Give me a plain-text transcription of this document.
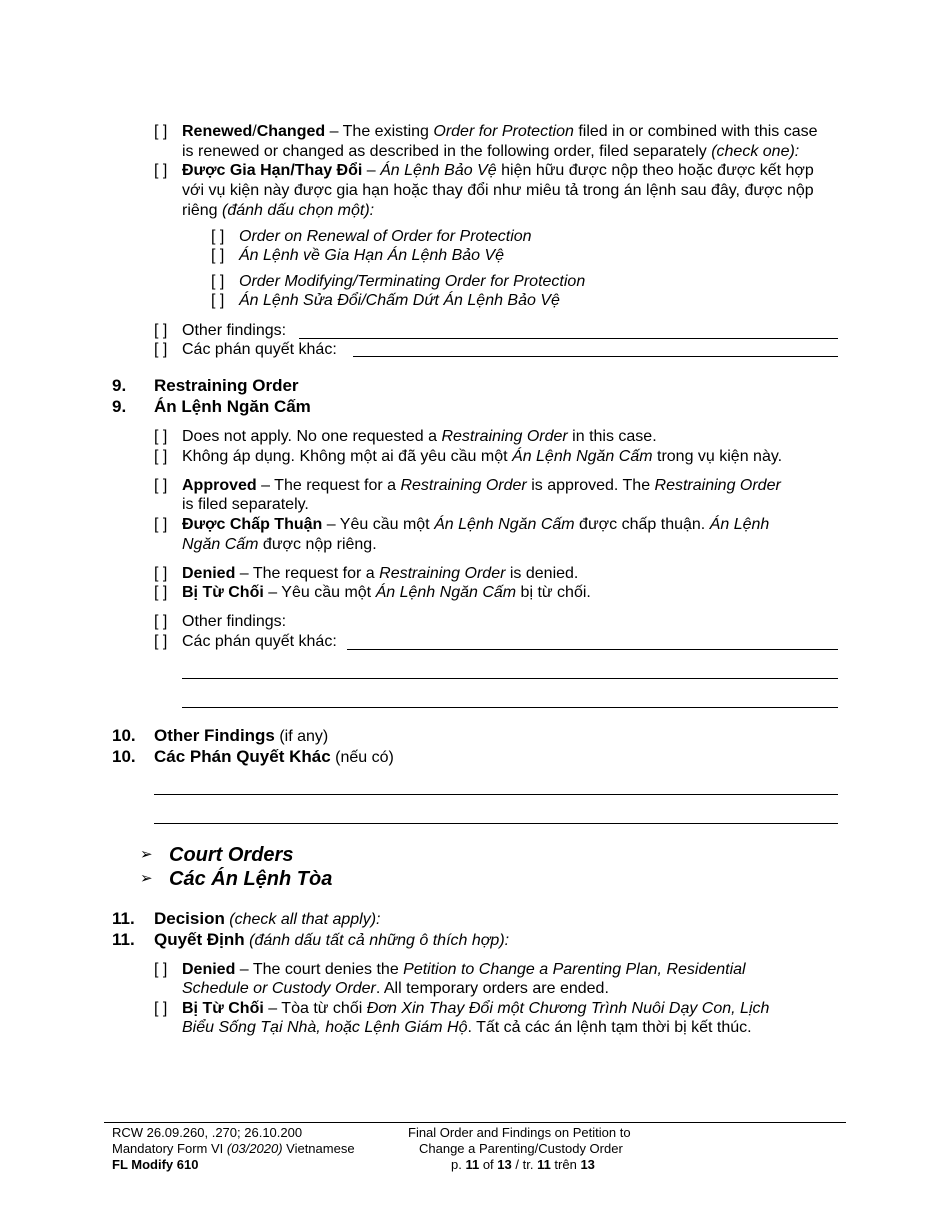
[ ] Renewed/Changed – The existing Order for Protection filed in or combined with this case
is renewed or changed as described in the following order, filed separately (check one):
[ ] Được Gia Hạn/Thay Đổi – Án Lệnh Bảo Vệ hiện hữu được nộp theo hoặc được kết hợp
với vụ kiện này được gia hạn hoặc thay đổi như miêu tả trong án lệnh sau đây, được nộp
riêng (đánh dấu chọn một):
[ ] Order on Renewal of Order for Protection
[ ] Án Lệnh về Gia Hạn Án Lệnh Bảo Vệ
[ ] Order Modifying/Terminating Order for Protection
[ ] Án Lệnh Sửa Đổi/Chấm Dứt Án Lệnh Bảo Vệ
[ ] Other findings:
[ ] Các phán quyết khác:
9. Restraining Order
9. Án Lệnh Ngăn Cấm
[ ] Does not apply. No one requested a Restraining Order in this case.
[ ] Không áp dụng. Không một ai đã yêu cầu một Án Lệnh Ngăn Cấm trong vụ kiện này.
[ ] Approved – The request for a Restraining Order is approved. The Restraining Order
is filed separately.
[ ] Được Chấp Thuận – Yêu cầu một Án Lệnh Ngăn Cấm được chấp thuận. Án Lệnh
Ngăn Cấm được nộp riêng.
[ ] Denied – The request for a Restraining Order is denied.
[ ] Bị Từ Chối – Yêu cầu một Án Lệnh Ngăn Cấm bị từ chối.
[ ] Other findings:
[ ] Các phán quyết khác:
10. Other Findings (if any)
10. Các Phán Quyết Khác (nếu có)
➢ Court Orders
➢ Các Án Lệnh Tòa
11. Decision (check all that apply):
11. Quyết Định (đánh dấu tất cả những ô thích hợp):
[ ] Denied – The court denies the Petition to Change a Parenting Plan, Residential
Schedule or Custody Order. All temporary orders are ended.
[ ] Bị Từ Chối – Tòa từ chối Đơn Xin Thay Đổi một Chương Trình Nuôi Dạy Con, Lịch
Biểu Sống Tại Nhà, hoặc Lệnh Giám Hộ. Tất cả các án lệnh tạm thời bị kết thúc.
RCW 26.09.260, .270; 26.10.200
Mandatory Form VI (03/2020) Vietnamese
FL Modify 610
Final Order and Findings on Petition to
Change a Parenting/Custody Order
p. 11 of 13 / tr. 11 trên 13
